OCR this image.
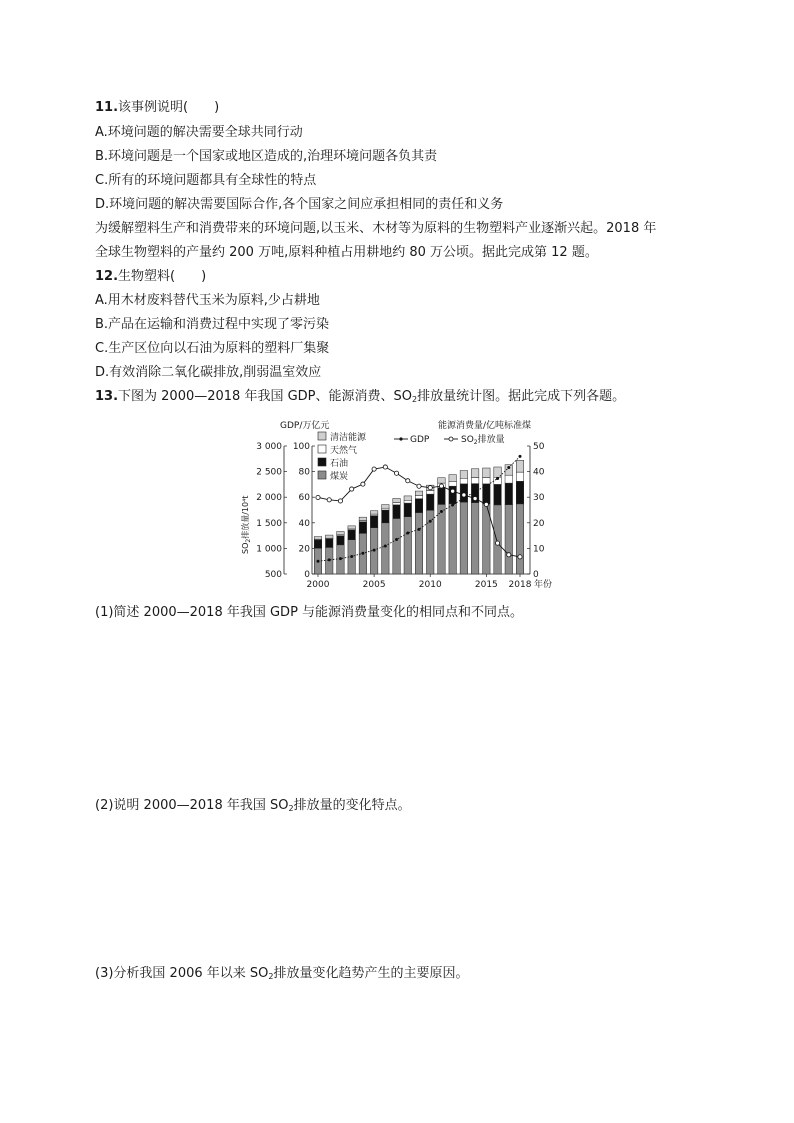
11.该事例说明(　　)
A.环境问题的解决需要全球共同行动
B.环境问题是一个国家或地区造成的,治理环境问题各负其责
C.所有的环境问题都具有全球性的特点
D.环境问题的解决需要国际合作,各个国家之间应承担相同的责任和义务
为缓解塑料生产和消费带来的环境问题,以玉米、木材等为原料的生物塑料产业逐渐兴起。2018 年
全球生物塑料的产量约 200 万吨,原料种植占用耕地约 80 万公顷。据此完成第 12 题。
12.生物塑料(　　)
A.用木材废料替代玉米为原料,少占耕地
B.产品在运输和消费过程中实现了零污染
C.生产区位向以石油为原料的塑料厂集聚
D.有效消除二氧化碳排放,削弱温室效应
13.下图为 2000—2018 年我国 GDP、能源消费、$SO_2$排放量统计图。据此完成下列各题。
GDP/万亿元	能源消费量/亿吨标准煤
$SO_2$排放量/10⁴t
500
1 000
1 500
2 000
2 500
3 000
0
20
40
60
80
100
0
10
20
30
40
50
2000	2005	2010	2015 2018 年份
清洁能源
天然气
石油
煤炭
GDP	$SO_2$排放量
(1)简述 2000—2018 年我国 GDP 与能源消费量变化的相同点和不同点。
(2)说明 2000—2018 年我国 $SO_2$排放量的变化特点。
(3)分析我国 2006 年以来 $SO_2$排放量变化趋势产生的主要原因。
